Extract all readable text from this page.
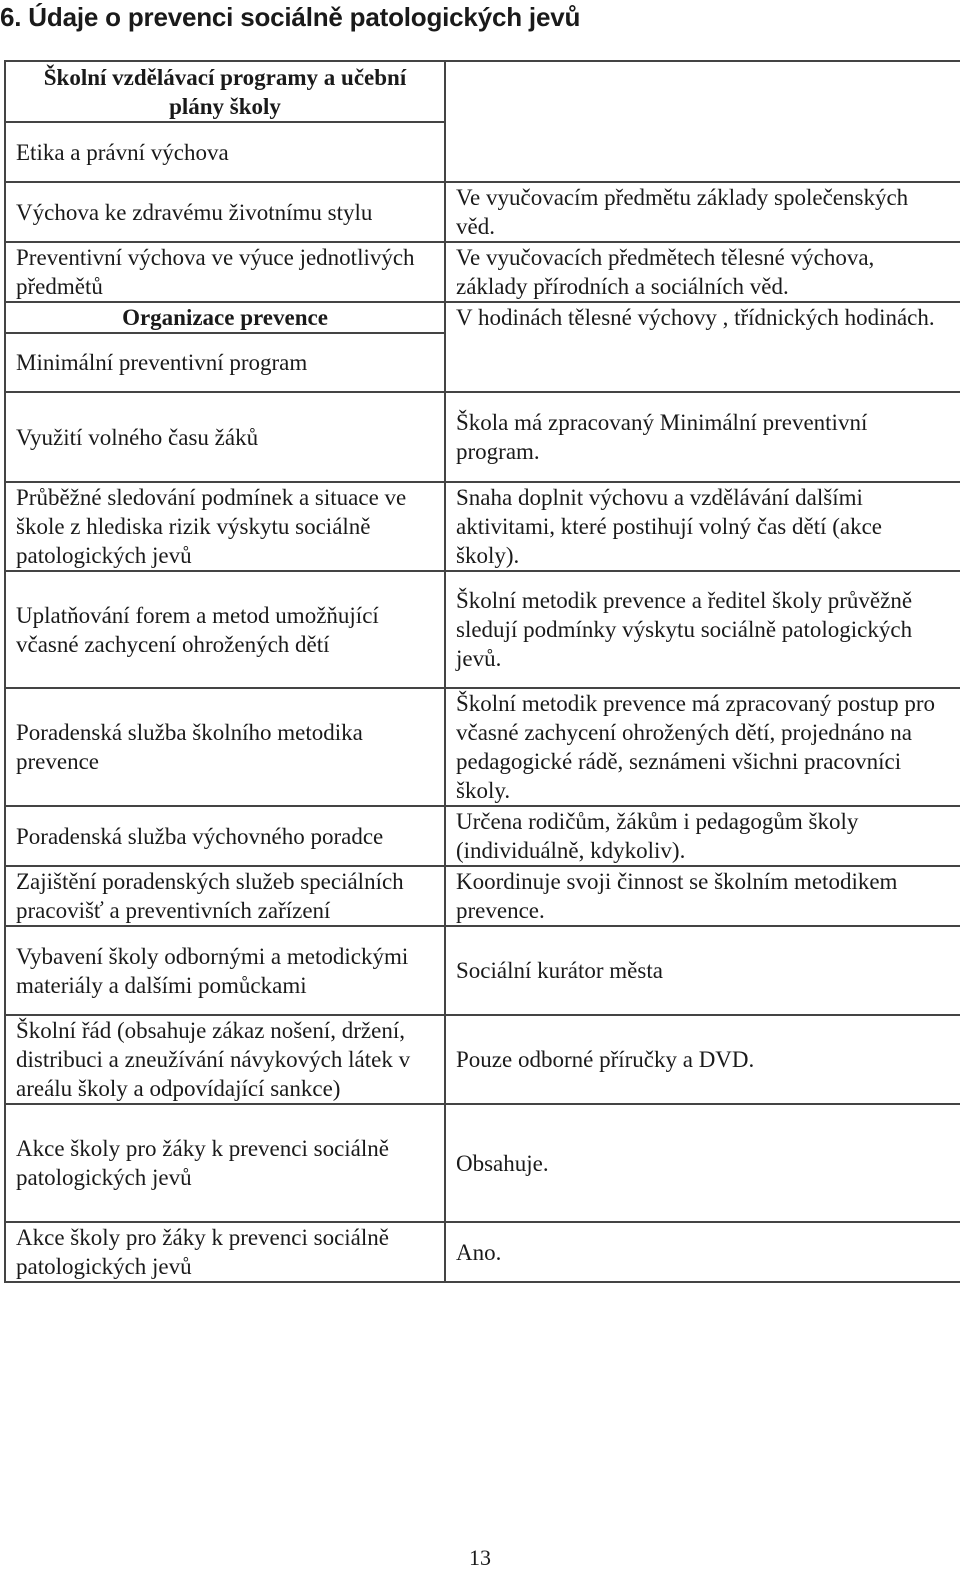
6. Údaje o prevenci sociálně patologických jevů
Školní vzdělávací programy a učební plány školy	
Etika a právní výchova	
Výchova ke zdravému životnímu stylu	Ve vyučovacím předmětu základy společenských věd.
Preventivní výchova ve výuce jednotlivých předmětů	Ve vyučovacích předmětech tělesné výchova, základy přírodních a sociálních věd.
Organizace prevence	V hodinách tělesné výchovy , třídnických hodinách.
Minimální preventivní program	
Využití volného času žáků	Škola má zpracovaný Minimální preventivní program.
Průběžné sledování podmínek a situace ve škole z hlediska rizik výskytu sociálně patologických jevů	Snaha doplnit výchovu a vzdělávání dalšími aktivitami, které postihují volný čas dětí (akce školy).
Uplatňování forem a metod umožňující včasné zachycení ohrožených dětí	Školní metodik prevence a ředitel školy průvěžně sledují podmínky výskytu sociálně patologických jevů.
Poradenská služba školního metodika prevence	Školní metodik prevence má zpracovaný postup pro včasné zachycení ohrožených dětí, projednáno na pedagogické rádě, seznámeni všichni pracovníci školy.
Poradenská služba výchovného poradce	Určena rodičům, žákům i pedagogům školy (individuálně, kdykoliv).
Zajištění poradenských služeb speciálních pracovišť a preventivních zařízení	Koordinuje svoji činnost se školním metodikem prevence.
Vybavení školy odbornými a metodickými materiály a dalšími pomůckami	Sociální kurátor města
Školní řád (obsahuje zákaz nošení, držení, distribuci a zneužívání návykových látek v areálu školy a odpovídající sankce)	Pouze odborné příručky a DVD.
Akce školy pro žáky k prevenci sociálně patologických jevů	Obsahuje.
Akce školy pro žáky k prevenci sociálně patologických jevů	Ano.
13
